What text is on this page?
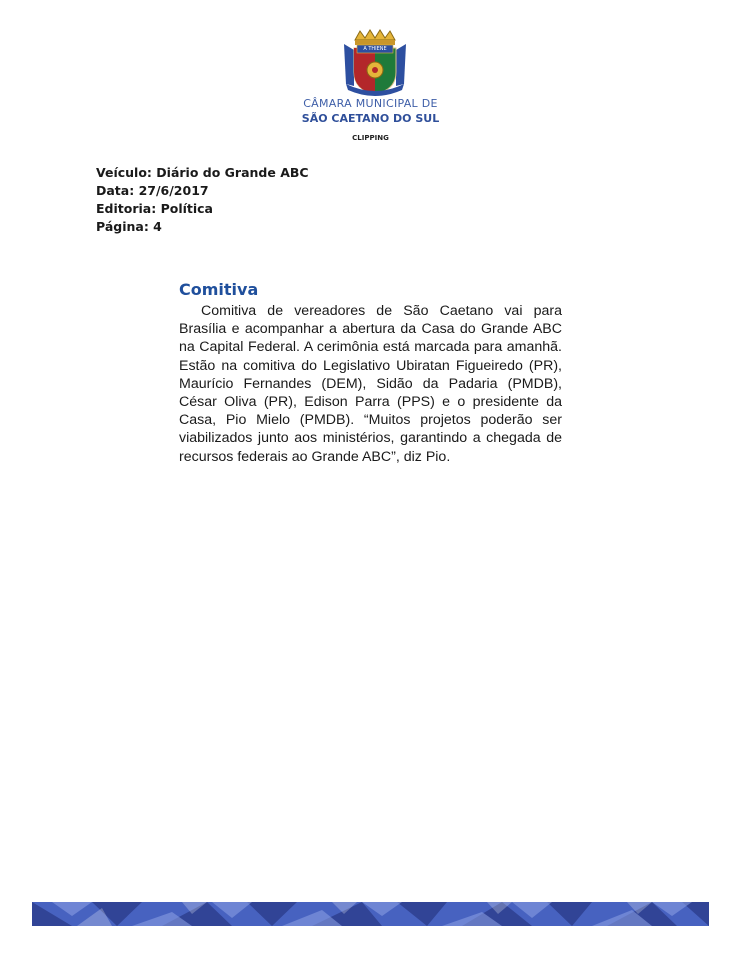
A THIENE
CÂMARA MUNICIPAL DE
SÃO CAETANO DO SUL
CLIPPING
Veículo: Diário do Grande ABC
Data: 27/6/2017
Editoria: Política
Página: 4
Comitiva

Comitiva de vereadores de São Caetano vai para Brasília e acompanhar a abertura da Casa do Grande ABC na Capital Federal. A cerimônia está marcada para amanhã. Estão na comitiva do Legislativo Ubiratan Figueiredo (PR), Maurício Fernandes (DEM), Sidão da Padaria (PMDB), César Oliva (PR), Edison Parra (PPS) e o presidente da Casa, Pio Mielo (PMDB). “Muitos projetos poderão ser viabilizados junto aos ministérios, garantindo a chegada de recursos federais ao Grande ABC”, diz Pio.
